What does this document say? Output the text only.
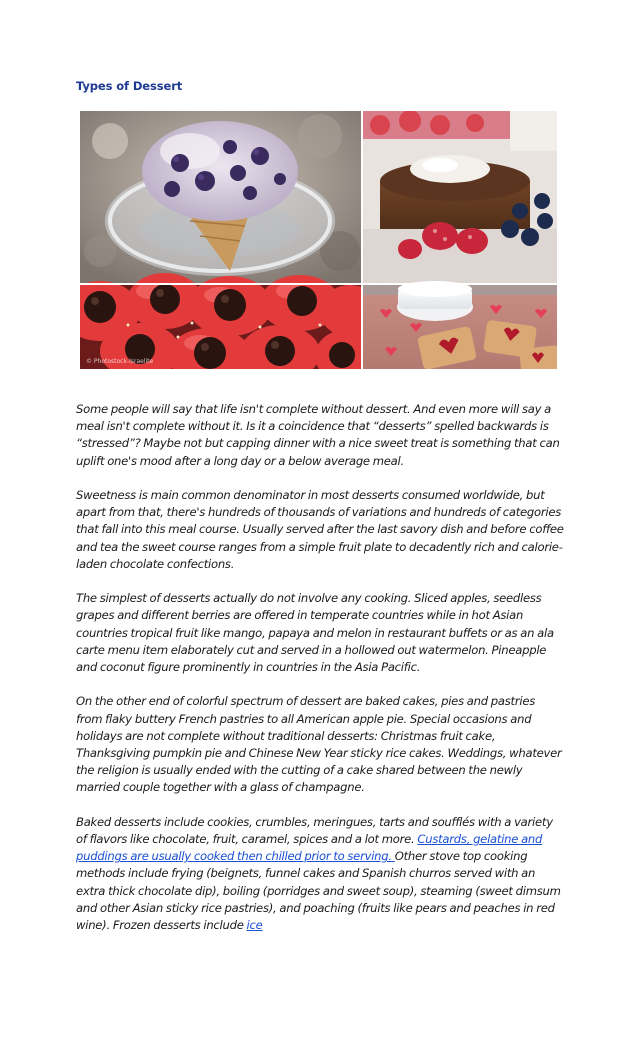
Types of Dessert
© Photostock-Israelite

Some people will say that life isn't complete without dessert. And even more will say a meal isn't complete without it. Is it a coincidence that “desserts” spelled backwards is “stressed”? Maybe not but capping dinner with a nice sweet treat is something that can uplift one's mood after a long day or a below average meal.

Sweetness is main common denominator in most desserts consumed worldwide, but apart from that, there's hundreds of thousands of variations and hundreds of categories that fall into this meal course. Usually served after the last savory dish and before coffee and tea the sweet course ranges from a simple fruit plate to decadently rich and calorie-laden chocolate confections.

The simplest of desserts actually do not involve any cooking. Sliced apples, seedless grapes and different berries are offered in temperate countries while in hot Asian countries tropical fruit like mango, papaya and melon in restaurant buffets or as an ala carte menu item elaborately cut and served in a hollowed out watermelon. Pineapple and coconut figure prominently in countries in the Asia Pacific.

On the other end of colorful spectrum of dessert are baked cakes, pies and pastries from flaky buttery French pastries to all American apple pie. Special occasions and holidays are not complete without traditional desserts: Christmas fruit cake, Thanksgiving pumpkin pie and Chinese New Year sticky rice cakes. Weddings, whatever the religion is usually ended with the cutting of a cake shared between the newly married couple together with a glass of champagne.

Baked desserts include cookies, crumbles, meringues, tarts and soufflés with a variety of flavors like chocolate, fruit, caramel, spices and a lot more. Custards, gelatine and puddings are usually cooked then chilled prior to serving. Other stove top cooking methods include frying (beignets, funnel cakes and Spanish churros served with an extra thick chocolate dip), boiling (porridges and sweet soup), steaming (sweet dimsum and other Asian sticky rice pastries), and poaching (fruits like pears and peaches in red wine). Frozen desserts include ice
